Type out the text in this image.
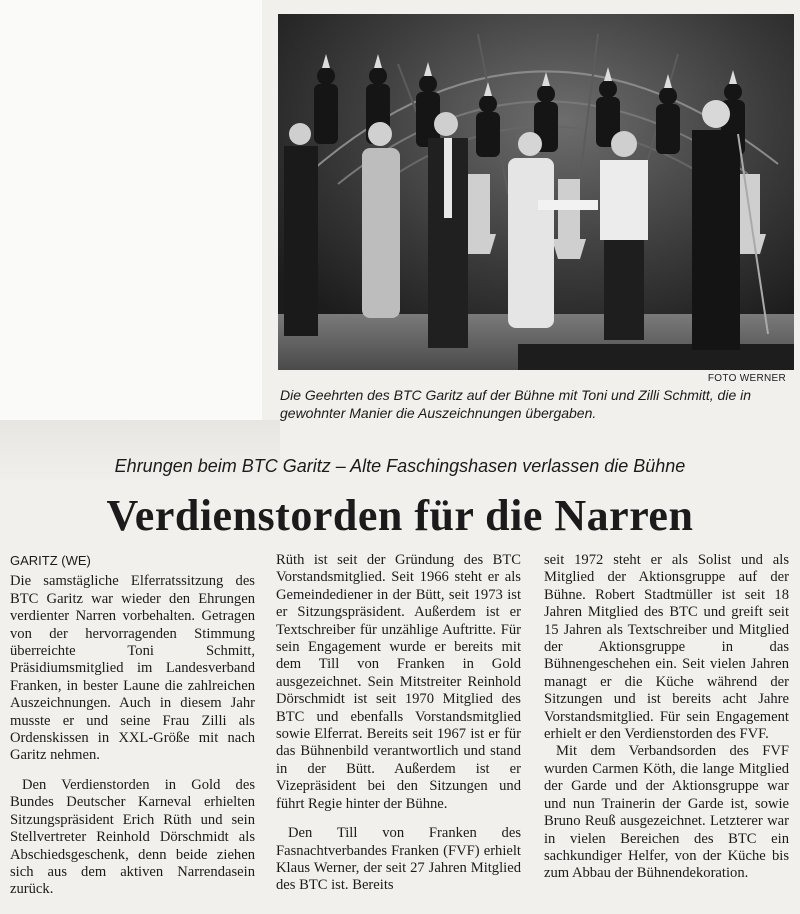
FOTO WERNER
Die Geehrten des BTC Garitz auf der Bühne mit Toni und Zilli Schmitt, die in gewohnter Manier die Auszeichnungen übergaben.
Ehrungen beim BTC Garitz – Alte Faschingshasen verlassen die Bühne
Verdienstorden für die Narren
GARITZ (WE)

Die samstägliche Elferratssitzung des BTC Garitz war wieder den Ehrungen verdienter Narren vorbehalten. Getragen von der hervorragenden Stimmung überreichte Toni Schmitt, Präsidiumsmitglied im Landesverband Franken, in bester Laune die zahlreichen Auszeichnungen. Auch in diesem Jahr musste er und seine Frau Zilli als Ordenskissen in XXL-Größe mit nach Garitz nehmen.

Den Verdienstorden in Gold des Bundes Deutscher Karneval erhielten Sitzungspräsident Erich Rüth und sein Stellvertreter Reinhold Dörschmidt als Abschiedsgeschenk, denn beide ziehen sich aus dem aktiven Narrendasein zurück.

Rüth ist seit der Gründung des BTC Vorstandsmitglied. Seit 1966 steht er als Gemeindediener in der Bütt, seit 1973 ist er Sitzungspräsident. Außerdem ist er Textschreiber für unzählige Auftritte. Für sein Engagement wurde er bereits mit dem Till von Franken in Gold ausgezeichnet. Sein Mitstreiter Reinhold Dörschmidt ist seit 1970 Mitglied des BTC und ebenfalls Vorstandsmitglied sowie Elferrat. Bereits seit 1967 ist er für das Bühnenbild verantwortlich und stand in der Bütt. Außerdem ist er Vizepräsident bei den Sitzungen und führt Regie hinter der Bühne.

Den Till von Franken des Fasnachtverbandes Franken (FVF) erhielt Klaus Werner, der seit 27 Jahren Mitglied des BTC ist. Bereits

seit 1972 steht er als Solist und als Mitglied der Aktionsgruppe auf der Bühne. Robert Stadtmüller ist seit 18 Jahren Mitglied des BTC und greift seit 15 Jahren als Textschreiber und Mitglied der Aktionsgruppe in das Bühnengeschehen ein. Seit vielen Jahren managt er die Küche während der Sitzungen und ist bereits acht Jahre Vorstandsmitglied. Für sein Engagement erhielt er den Verdienstorden des FVF.

Mit dem Verbandsorden des FVF wurden Carmen Köth, die lange Mitglied der Garde und der Aktionsgruppe war und nun Trainerin der Garde ist, sowie Bruno Reuß ausgezeichnet. Letzterer war in vielen Bereichen des BTC ein sachkundiger Helfer, von der Küche bis zum Abbau der Bühnendekoration.
